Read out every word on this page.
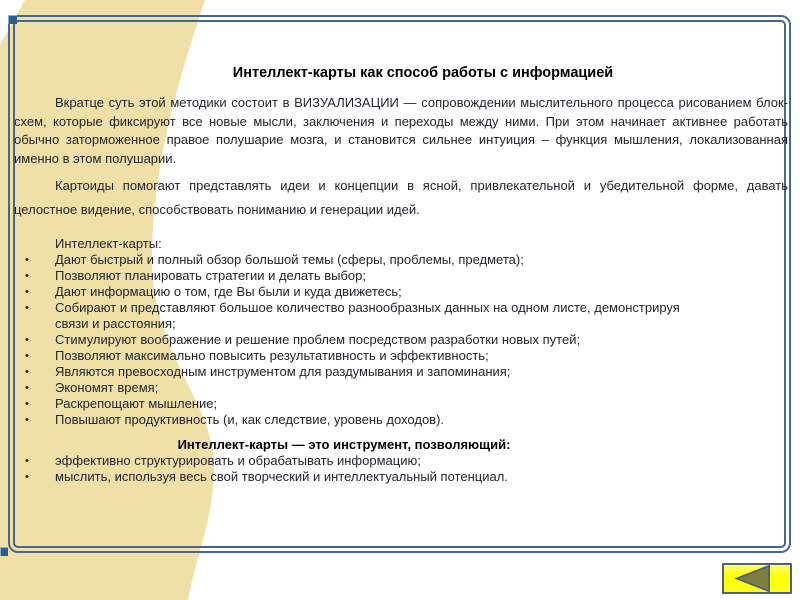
Интеллект-карты как способ работы с информацией

Вкратце суть этой методики состоит в ВИЗУАЛИЗАЦИИ — сопровождении мыслительного процесса рисованием блок-схем, которые фиксируют все новые мысли, заключения и переходы между ними. При этом начинает активнее работать обычно заторможенное правое полушарие мозга, и становится сильнее интуиция – функция мышления, локализованная именно в этом полушарии.

Картоиды помогают представлять идеи и концепции в ясной, привлекательной и убедительной форме, давать целостное видение, способствовать пониманию и генерации идей.

Интеллект-карты:
• Дают быстрый и полный обзор большой темы (сферы, проблемы, предмета);
• Позволяют планировать стратегии и делать выбор;
• Дают информацию о том, где Вы были и куда движетесь;
• Собирают и представляют большое количество разнообразных данных на одном листе, демонстрируя связи и расстояния;
• Стимулируют воображение и решение проблем посредством разработки новых путей;
• Позволяют максимально повысить результативность и эффективность;
• Являются превосходным инструментом для раздумывания и запоминания;
• Экономят время;
• Раскрепощают мышление;
• Повышают продуктивность (и, как следствие, уровень доходов).
Интеллект-карты — это инструмент, позволяющий:
• эффективно структурировать и обрабатывать информацию;
• мыслить, используя весь свой творческий и интеллектуальный потенциал.
